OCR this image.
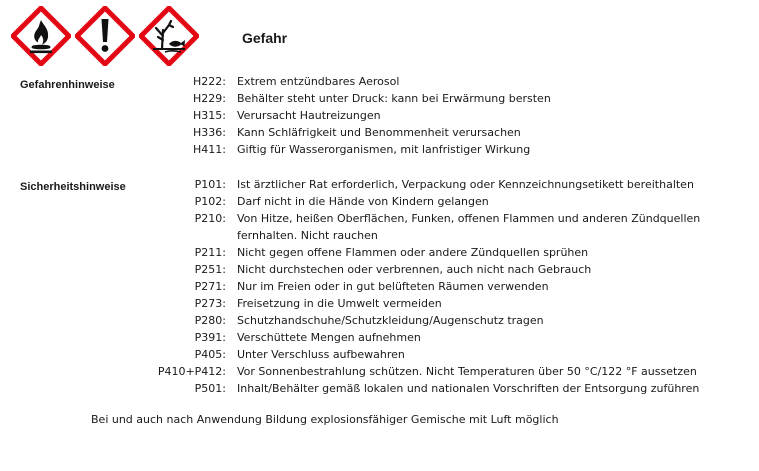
Gefahr
Gefahrenhinweise	H222: Extrem entzündbares Aerosol
H229: Behälter steht unter Druck: kann bei Erwärmung bersten
H315: Verursacht Hautreizungen
H336: Kann Schläfrigkeit und Benommenheit verursachen
H411: Giftig für Wasserorganismen, mit lanfristiger Wirkung
Sicherheitshinweise	P101: Ist ärztlicher Rat erforderlich, Verpackung oder Kennzeichnungsetikett bereithalten
P102: Darf nicht in die Hände von Kindern gelangen
P210: Von Hitze, heißen Oberflächen, Funken, offenen Flammen und anderen Zündquellen fernhalten. Nicht rauchen
P211: Nicht gegen offene Flammen oder andere Zündquellen sprühen
P251: Nicht durchstechen oder verbrennen, auch nicht nach Gebrauch
P271: Nur im Freien oder in gut belüfteten Räumen verwenden
P273: Freisetzung in die Umwelt vermeiden
P280: Schutzhandschuhe/Schutzkleidung/Augenschutz tragen
P391: Verschüttete Mengen aufnehmen
P405: Unter Verschluss aufbewahren
P410+P412: Vor Sonnenbestrahlung schützen. Nicht Temperaturen über 50 °C/122 °F aussetzen
P501: Inhalt/Behälter gemäß lokalen und nationalen Vorschriften der Entsorgung zuführen
Bei und auch nach Anwendung Bildung explosionsfähiger Gemische mit Luft möglich
